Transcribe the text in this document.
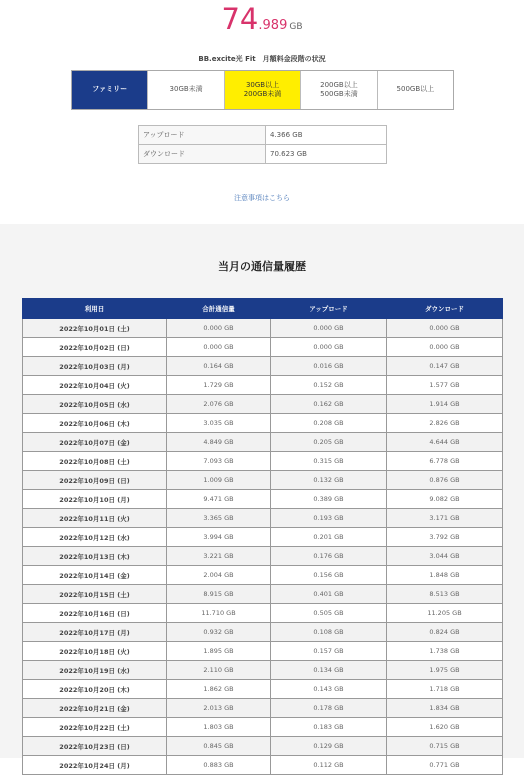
74.989 GB
BB.excite光 Fit　月額料金段階の状況
ファミリー	30GB未満
30GB以上
200GB未満
200GB以上
500GB未満
500GB以上
アップロード	4.366 GB
ダウンロード	70.623 GB
注意事項はこちら
当月の通信量履歴
利用日	合計通信量	アップロード	ダウンロード
2022年10月01日 (土)	0.000 GB	0.000 GB	0.000 GB
2022年10月02日 (日)	0.000 GB	0.000 GB	0.000 GB
2022年10月03日 (月)	0.164 GB	0.016 GB	0.147 GB
2022年10月04日 (火)	1.729 GB	0.152 GB	1.577 GB
2022年10月05日 (水)	2.076 GB	0.162 GB	1.914 GB
2022年10月06日 (木)	3.035 GB	0.208 GB	2.826 GB
2022年10月07日 (金)	4.849 GB	0.205 GB	4.644 GB
2022年10月08日 (土)	7.093 GB	0.315 GB	6.778 GB
2022年10月09日 (日)	1.009 GB	0.132 GB	0.876 GB
2022年10月10日 (月)	9.471 GB	0.389 GB	9.082 GB
2022年10月11日 (火)	3.365 GB	0.193 GB	3.171 GB
2022年10月12日 (水)	3.994 GB	0.201 GB	3.792 GB
2022年10月13日 (木)	3.221 GB	0.176 GB	3.044 GB
2022年10月14日 (金)	2.004 GB	0.156 GB	1.848 GB
2022年10月15日 (土)	8.915 GB	0.401 GB	8.513 GB
2022年10月16日 (日)	11.710 GB	0.505 GB	11.205 GB
2022年10月17日 (月)	0.932 GB	0.108 GB	0.824 GB
2022年10月18日 (火)	1.895 GB	0.157 GB	1.738 GB
2022年10月19日 (水)	2.110 GB	0.134 GB	1.975 GB
2022年10月20日 (木)	1.862 GB	0.143 GB	1.718 GB
2022年10月21日 (金)	2.013 GB	0.178 GB	1.834 GB
2022年10月22日 (土)	1.803 GB	0.183 GB	1.620 GB
2022年10月23日 (日)	0.845 GB	0.129 GB	0.715 GB
2022年10月24日 (月)	0.883 GB	0.112 GB	0.771 GB
